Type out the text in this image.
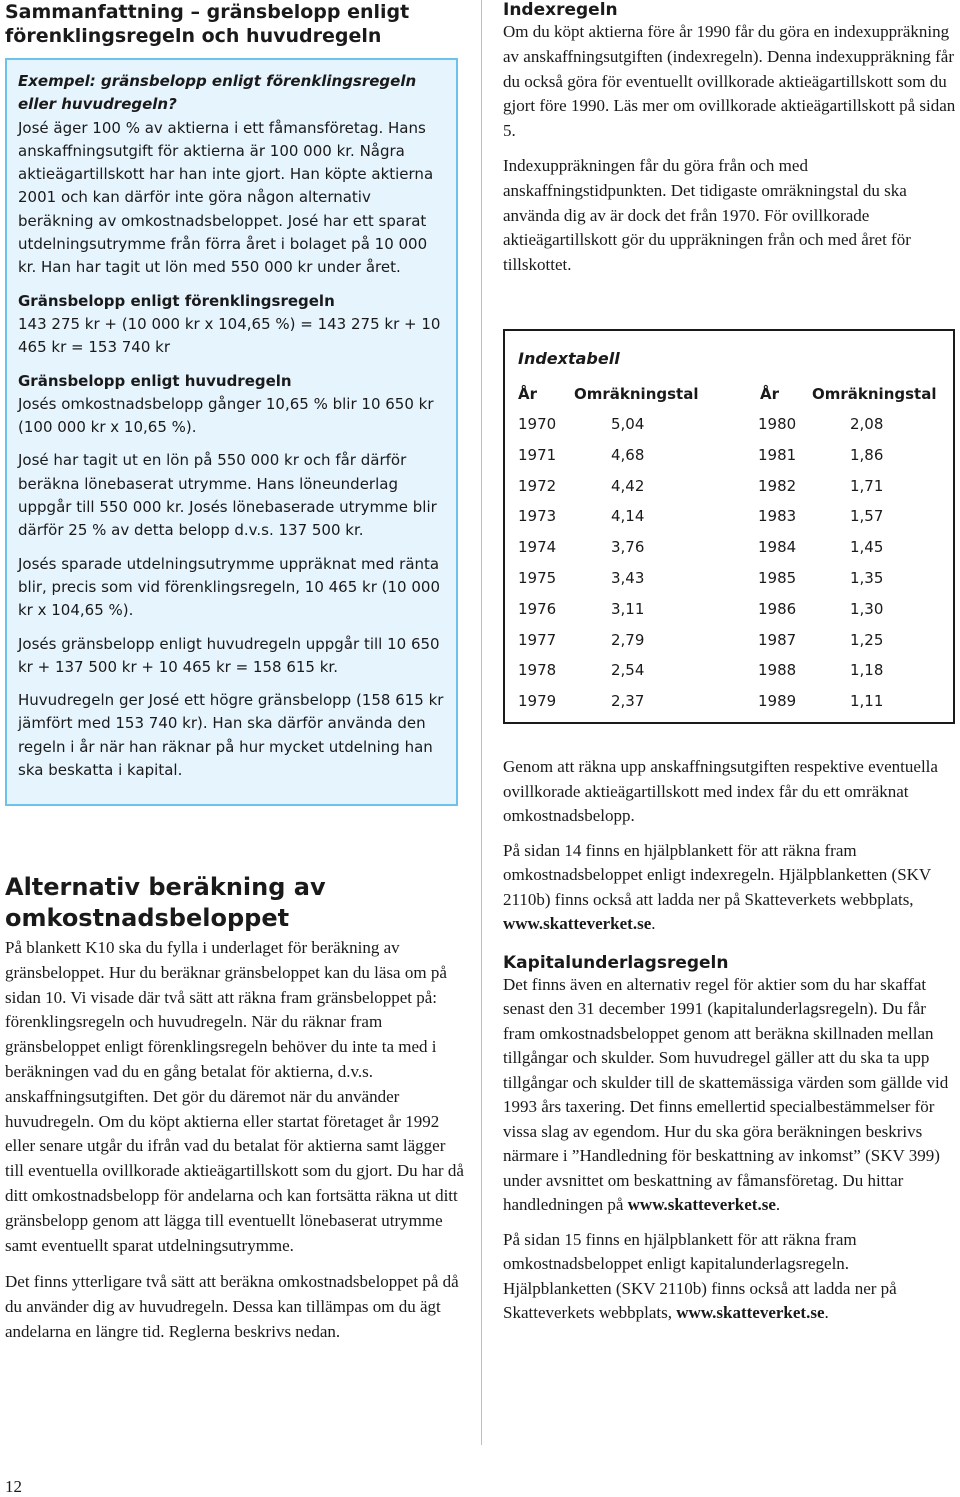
Sammanfattning – gränsbelopp enligt förenklingsregeln och huvudregeln

Exempel: gränsbelopp enligt förenklingsregeln eller huvudregeln?

José äger 100 % av aktierna i ett fåmansföretag. Hans anskaffningsutgift för aktierna är 100 000 kr. Några aktieägartillskott har han inte gjort. Han köpte aktierna 2001 och kan därför inte göra någon alternativ beräkning av omkostnadsbeloppet. José har ett sparat utdelningsutrymme från förra året i bolaget på 10 000 kr. Han har tagit ut lön med 550 000 kr under året.

Gränsbelopp enligt förenklingsregeln

143 275 kr + (10 000 kr x 104,65 %) = 143 275 kr + 10 465 kr = 153 740 kr

Gränsbelopp enligt huvudregeln

Josés omkostnadsbelopp gånger 10,65 % blir 10 650 kr (100 000 kr x 10,65 %).

José har tagit ut en lön på 550 000 kr och får därför beräkna lönebaserat utrymme. Hans löneunderlag uppgår till 550 000 kr. Josés lönebaserade utrymme blir därför 25 % av detta belopp d.v.s. 137 500 kr.

Josés sparade utdelningsutrymme uppräknat med ränta blir, precis som vid förenklingsregeln, 10 465 kr (10 000 kr x 104,65 %).

Josés gränsbelopp enligt huvudregeln uppgår till 10 650 kr + 137 500 kr + 10 465 kr = 158 615 kr.

Huvudregeln ger José ett högre gränsbelopp (158 615 kr jämfört med 153 740 kr). Han ska därför använda den regeln i år när han räknar på hur mycket utdelning han ska beskatta i kapital.

Alternativ beräkning av omkostnadsbeloppet

På blankett K10 ska du fylla i underlaget för beräkning av gränsbeloppet. Hur du beräknar gränsbeloppet kan du läsa om på sidan 10. Vi visade där två sätt att räkna fram gränsbeloppet på: förenklingsregeln och huvudregeln. När du räknar fram gränsbeloppet enligt förenklingsregeln behöver du inte ta med i beräkningen vad du en gång betalat för aktierna, d.v.s. anskaffningsutgiften. Det gör du däremot när du använder huvudregeln. Om du köpt aktierna eller startat företaget år 1992 eller senare utgår du ifrån vad du betalat för aktierna samt lägger till eventuella ovillkorade aktieägartillskott som du gjort. Du har då ditt omkostnadsbelopp för andelarna och kan fortsätta räkna ut ditt gränsbelopp genom att lägga till eventuellt lönebaserat utrymme samt eventuellt sparat utdelningsutrymme.

Det finns ytterligare två sätt att beräkna omkostnadsbeloppet på då du använder dig av huvudregeln. Dessa kan tillämpas om du ägt andelarna en längre tid. Reglerna beskrivs nedan.

12
Indexregeln

Om du köpt aktierna före år 1990 får du göra en indexuppräkning av anskaffningsutgiften (indexregeln). Denna indexuppräkning får du också göra för eventuellt ovillkorade aktieägartillskott som du gjort före 1990. Läs mer om ovillkorade aktieägartillskott på sidan 5.

Indexuppräkningen får du göra från och med anskaffningstidpunkten. Det tidigaste omräkningstal du ska använda dig av är dock det från 1970. För ovillkorade aktieägartillskott gör du uppräkningen från och med året för tillskottet.

Indextabell
År Omräkningstal	År Omräkningstal
1970	5,04	1980	2,08
1971	4,68	1981	1,86
1972	4,42	1982	1,71
1973	4,14	1983	1,57
1974	3,76	1984	1,45
1975	3,43	1985	1,35
1976	3,11	1986	1,30
1977	2,79	1987	1,25
1978	2,54	1988	1,18
1979	2,37	1989	1,11

Genom att räkna upp anskaffningsutgiften respektive eventuella ovillkorade aktieägartillskott med index får du ett omräknat omkostnadsbelopp.

På sidan 14 finns en hjälpblankett för att räkna fram omkostnadsbeloppet enligt indexregeln. Hjälpblanketten (SKV 2110b) finns också att ladda ner på Skatteverkets webbplats, www.skatteverket.se.

Kapitalunderlagsregeln

Det finns även en alternativ regel för aktier som du har skaffat senast den 31 december 1991 (kapitalunderlagsregeln). Du får fram omkostnadsbeloppet genom att beräkna skillnaden mellan tillgångar och skulder. Som huvudregel gäller att du ska ta upp tillgångar och skulder till de skattemässiga värden som gällde vid 1993 års taxering. Det finns emellertid specialbestämmelser för vissa slag av egendom. Hur du ska göra beräkningen beskrivs närmare i ”Handledning för beskattning av inkomst” (SKV 399) under avsnittet om beskattning av fåmansföretag. Du hittar handledningen på www.skatteverket.se.

På sidan 15 finns en hjälpblankett för att räkna fram omkostnadsbeloppet enligt kapitalunderlagsregeln. Hjälpblanketten (SKV 2110b) finns också att ladda ner på Skatteverkets webbplats, www.skatteverket.se.
